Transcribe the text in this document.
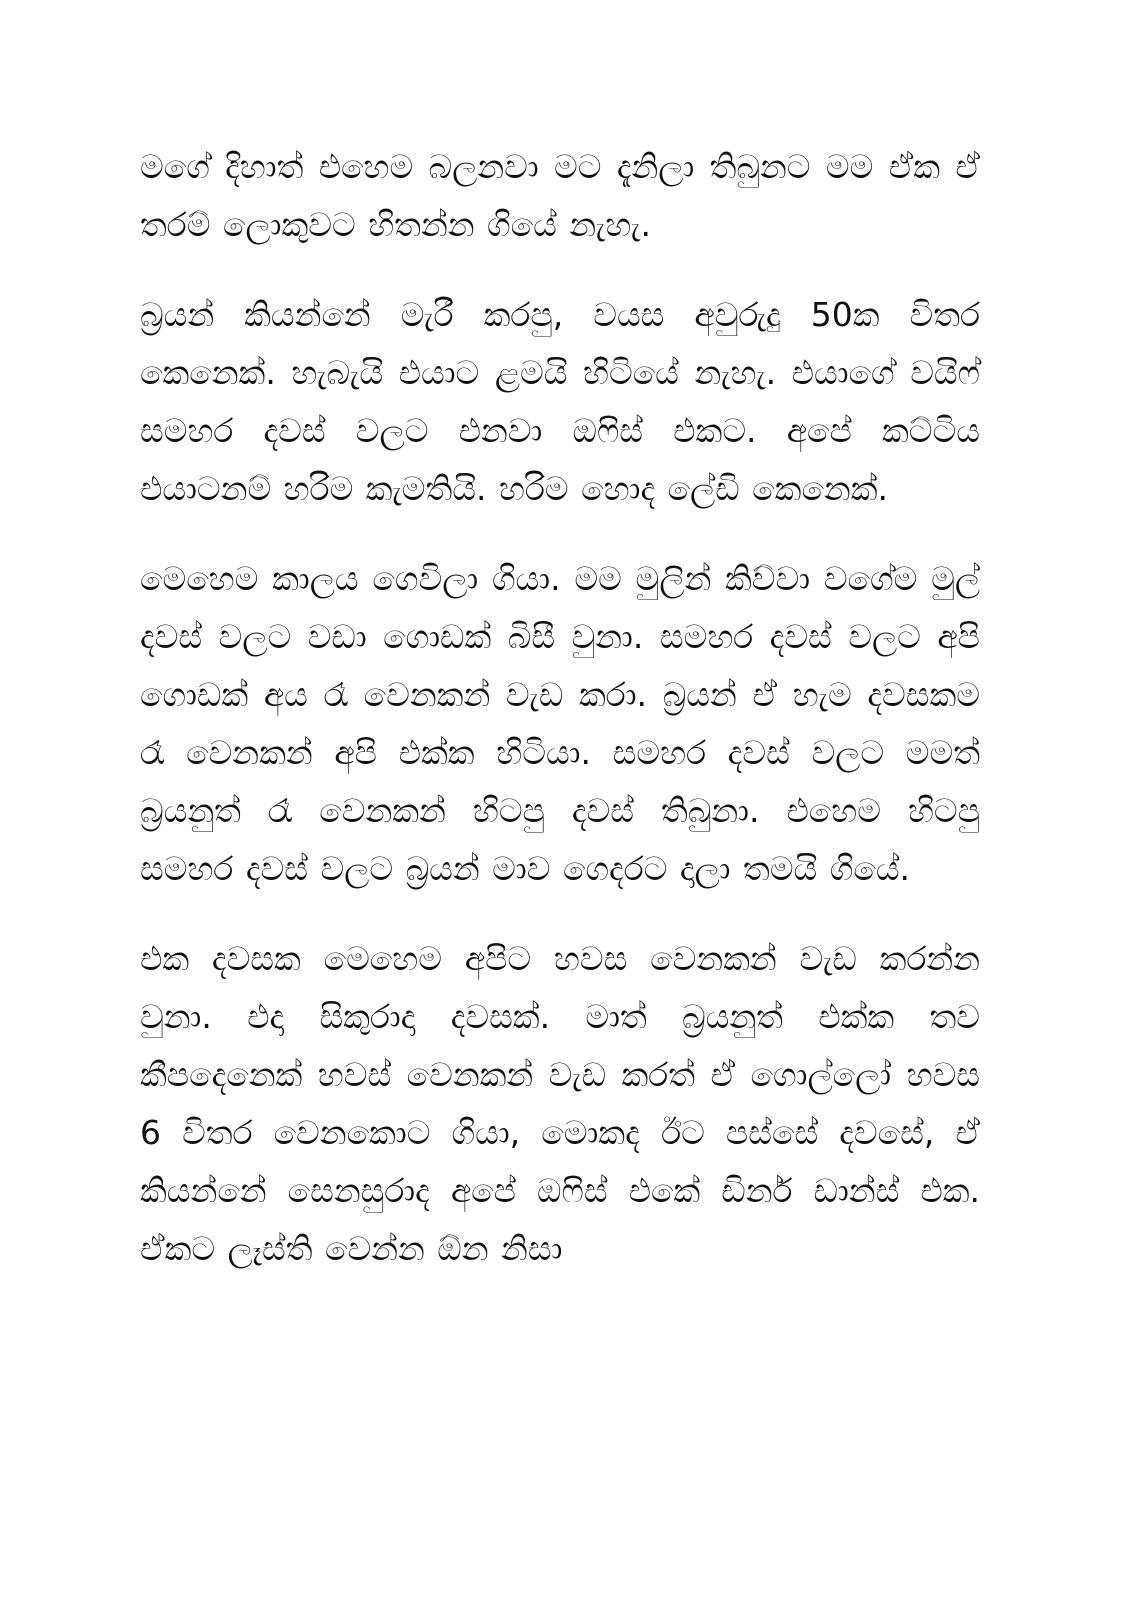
මගේ දිහාත් එහෙම බලනවා මට දැනිලා තිබුනට මම ඒක ඒ තරම් ලොකුවට හිතන්න ගියේ නැහැ.

බ්‍රයන් කියන්නේ මැරී කරපු, වයස අවුරුදු 50ක විතර කෙනෙක්. හැබැයි එයාට ළමයි හිටියේ නැහැ. එයාගේ වයිෆ් සමහර දවස් වලට එනවා ඔෆිස් එකට. අපේ කට්ටිය එයාටනම් හරිම කැමතියි. හරිම හොද ලේඩි කෙනෙක්.

මෙහෙම කාලය ගෙවිලා ගියා. මම මුලින් කිව්වා වගේම මුල් දවස් වලට වඩා ගොඩක් බිසී වුනා. සමහර දවස් වලට අපි ගොඩක් අය රෑ වෙනකන් වැඩ කරා. බ්‍රයන් ඒ හැම දවසකම රෑ වෙනකන් අපි එක්ක හිටියා. සමහර දවස් වලට මමත් බ්‍රයනුත් රෑ වෙනකන් හිටපු දවස් තිබුනා. එහෙම හිටපු සමහර දවස් වලට බ්‍රයන් මාව ගෙදරට දාලා තමයි ගියේ.

එක දවසක මෙහෙම අපිට හවස වෙනකන් වැඩ කරන්න වුනා. එදා සිකුරාදා දවසක්. මාත් බ්‍රයනුත් එක්ක තව කීපදෙනෙක් හවස් වෙනකන් වැඩ කරත් ඒ ගොල්ලෝ හවස 6 විතර වෙනකොට ගියා, මොකද ඊට පස්සේ දවසේ, ඒ කියන්නේ සෙනසුරාද අපේ ඔෆිස් එකේ ඩිනර් ඩාන්ස් එක. ඒකට ලෑස්ති වෙන්න ඕන නිසා
